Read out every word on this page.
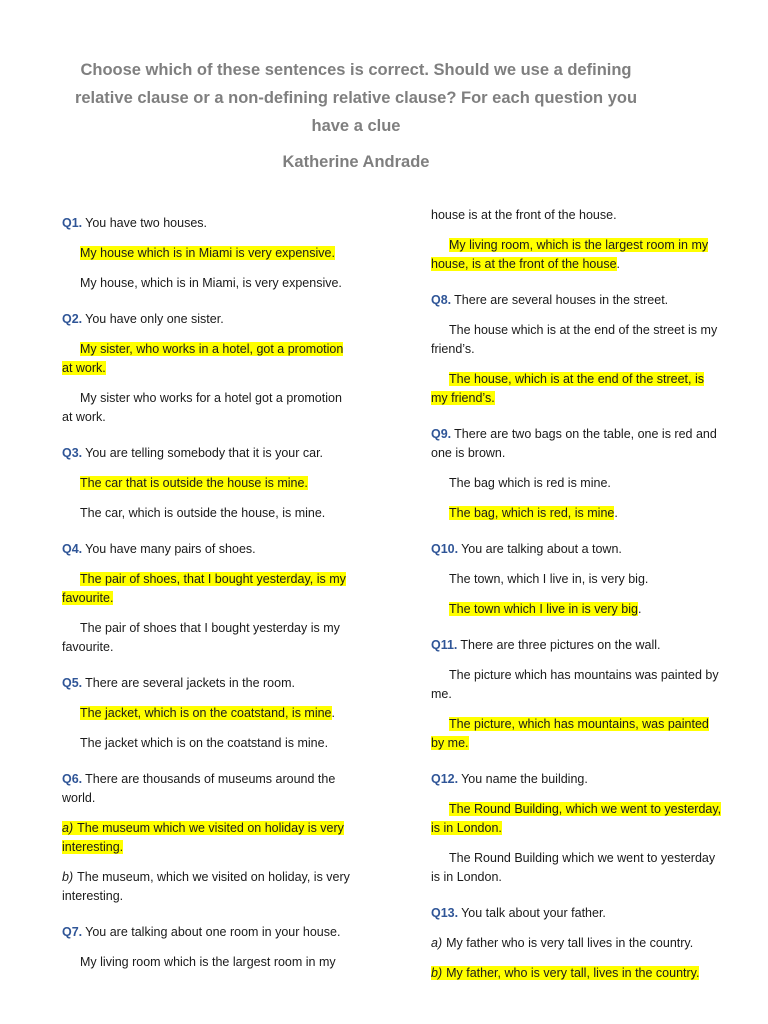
Choose which of these sentences is correct. Should we use a defining
relative clause or a non-defining relative clause? For each question you
have a clue
Katherine Andrade

Q1. You have two houses.

My house which is in Miami is very expensive.

My house, which is in Miami, is very expensive.

Q2. You have only one sister.

My sister, who works in a hotel, got a promotion at work.

My sister who works for a hotel got a promotion at work.

Q3. You are telling somebody that it is your car.

The car that is outside the house is mine.

The car, which is outside the house, is mine.

Q4. You have many pairs of shoes.

The pair of shoes, that I bought yesterday, is my favourite.

The pair of shoes that I bought yesterday is my favourite.

Q5. There are several jackets in the room.

The jacket, which is on the coatstand, is mine.

The jacket which is on the coatstand is mine.

Q6. There are thousands of museums around the world.

a) The museum which we visited on holiday is very interesting.

b) The museum, which we visited on holiday, is very interesting.

Q7. You are talking about one room in your house.

My living room which is the largest room in my

house is at the front of the house.

My living room, which is the largest room in my house, is at the front of the house.

Q8. There are several houses in the street.

The house which is at the end of the street is my friend’s.

The house, which is at the end of the street, is my friend’s.

Q9. There are two bags on the table, one is red and one is brown.

The bag which is red is mine.

The bag, which is red, is mine.

Q10. You are talking about a town.

The town, which I live in, is very big.

The town which I live in is very big.

Q11. There are three pictures on the wall.

The picture which has mountains was painted by me.

The picture, which has mountains, was painted by me.

Q12. You name the building.

The Round Building, which we went to yesterday, is in London.

The Round Building which we went to yesterday is in London.

Q13. You talk about your father.

a) My father who is very tall lives in the country.

b) My father, who is very tall, lives in the country.
